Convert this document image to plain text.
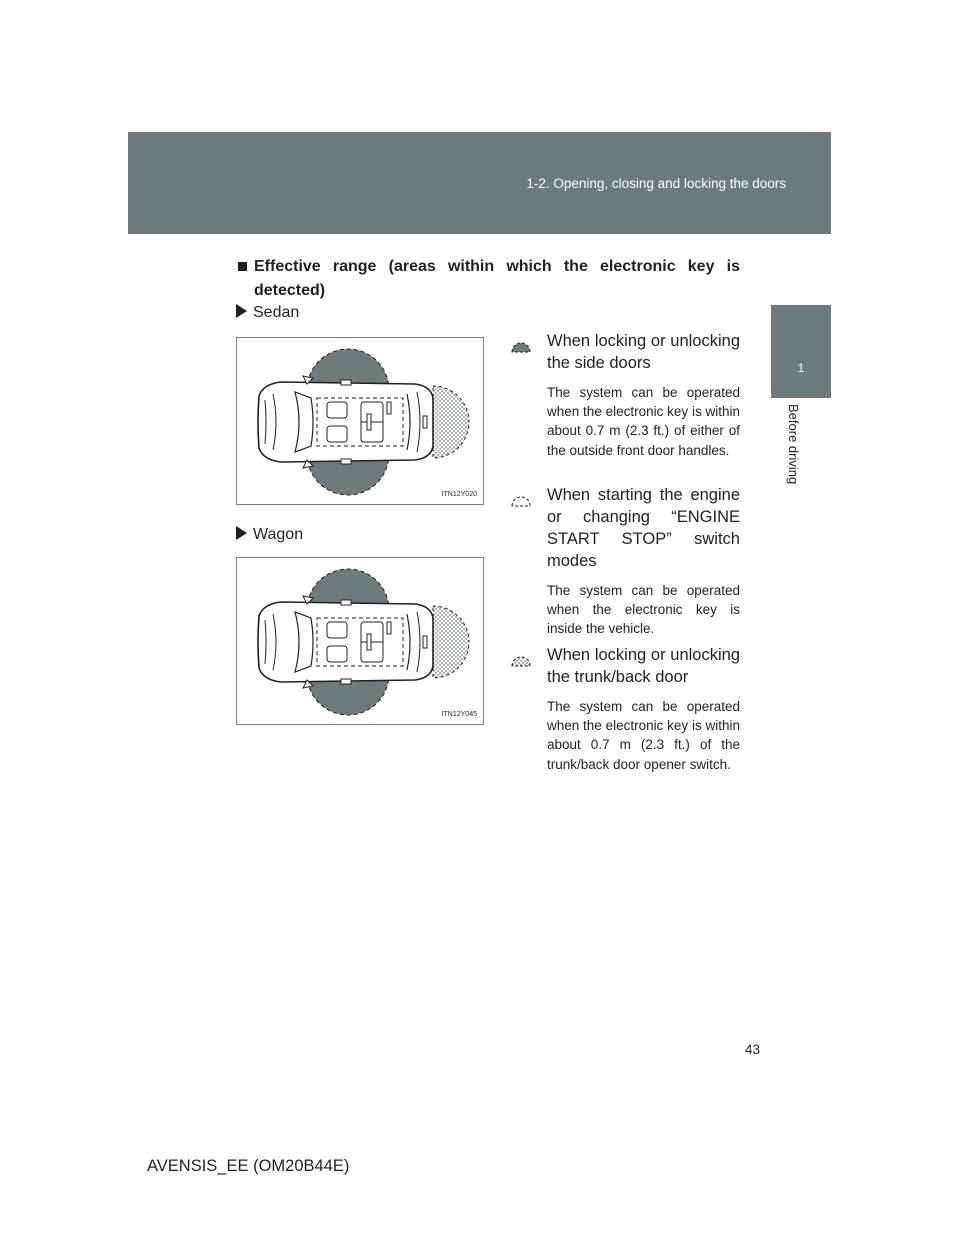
1-2. Opening, closing and locking the doors
1
Before driving
Effective range (areas within which the electronic key is
detected)
Sedan
ITN12Y020
Wagon
ITN12Y045
When locking or unlocking the side doors
The system can be operated when the electronic key is within about 0.7 m (2.3 ft.) of either of the outside front door handles.
When starting the engine or changing “ENGINE START STOP” switch modes
The system can be operated when the electronic key is inside the vehicle.
When locking or unlocking the trunk/back door
The system can be operated when the electronic key is within about 0.7 m (2.3 ft.) of the trunk/back door opener switch.
43
AVENSIS_EE (OM20B44E)
